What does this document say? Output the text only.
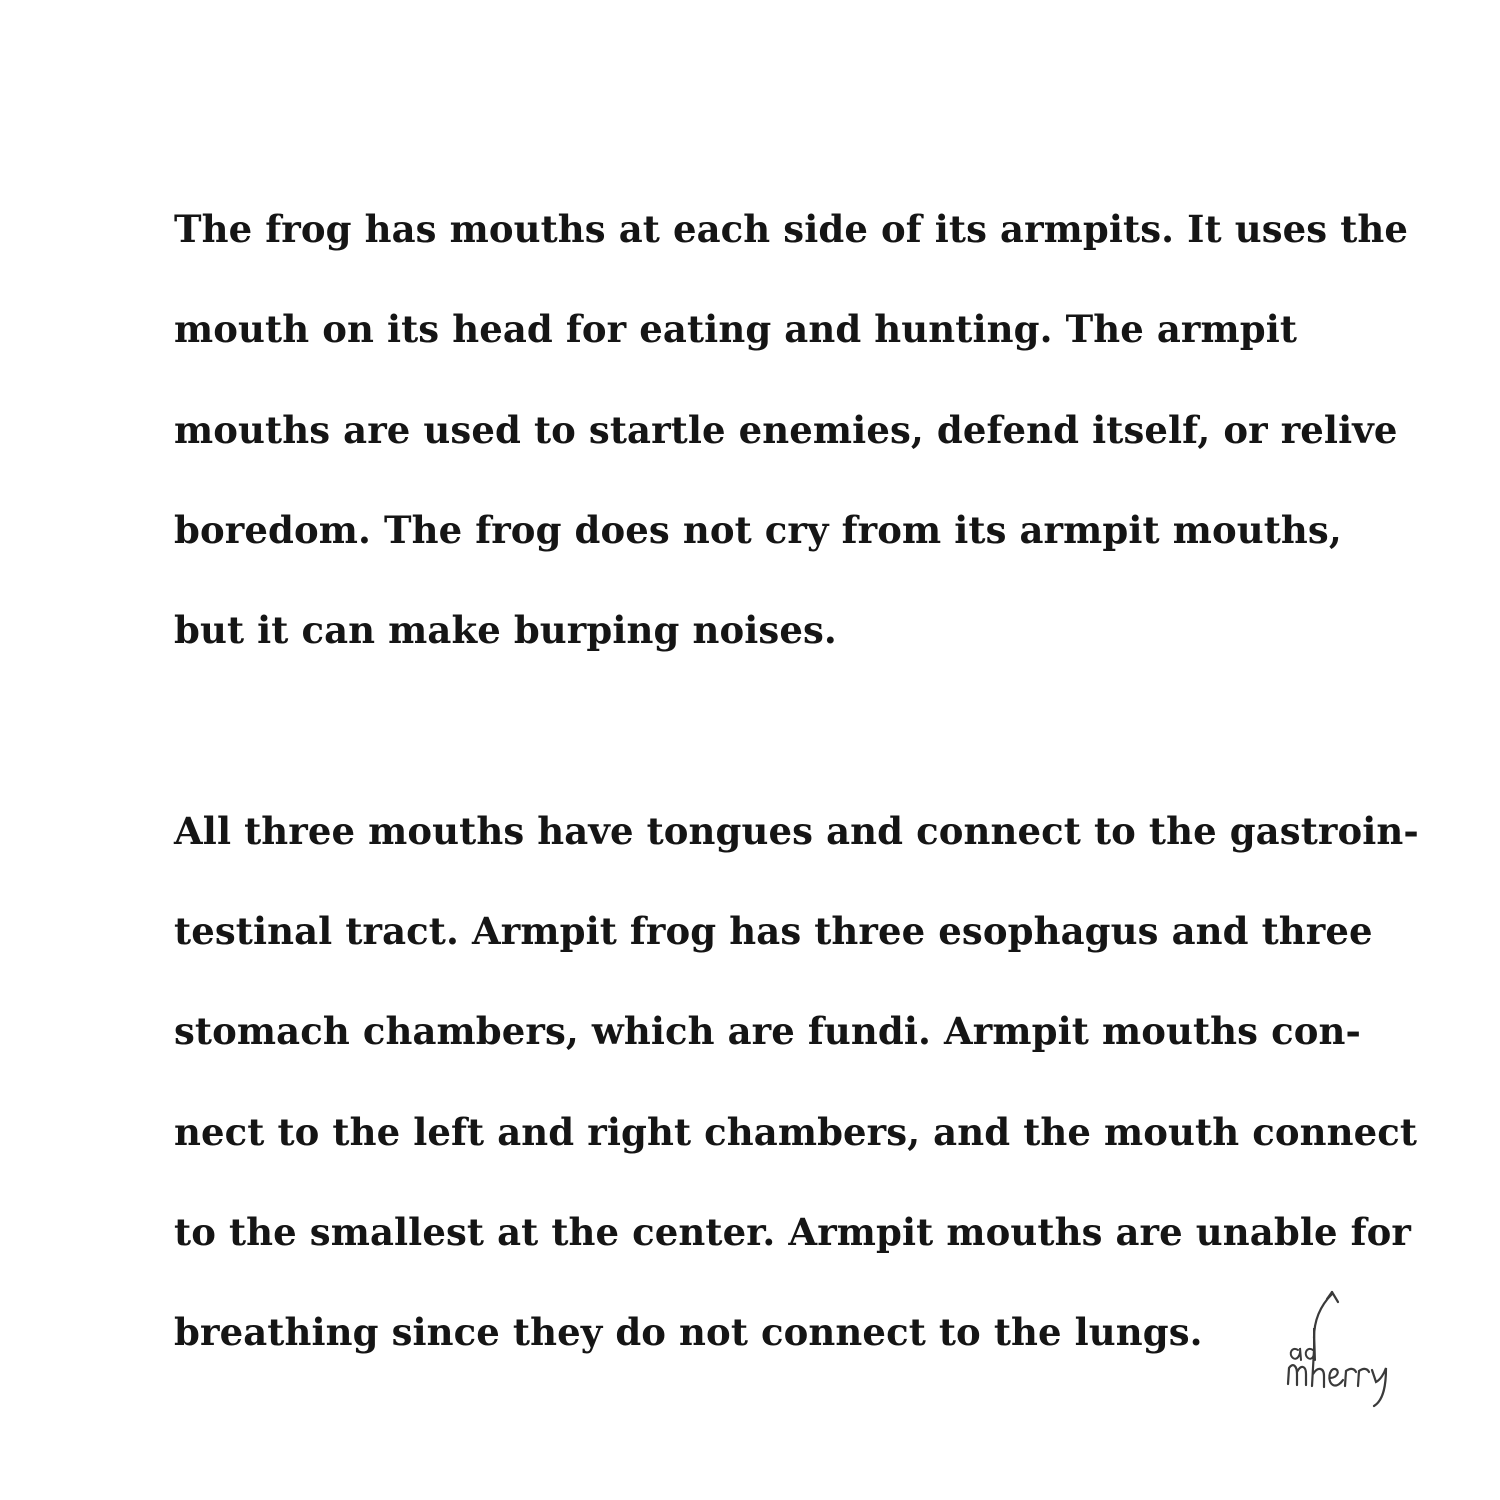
The frog has mouths at each side of its armpits. It uses the

mouth on its head for eating and hunting. The armpit

mouths are used to startle enemies, defend itself, or relive

boredom. The frog does not cry from its armpit mouths,

but it can make burping noises.

All three mouths have tongues and connect to the gastroin-

testinal tract. Armpit frog has three esophagus and three

stomach chambers, which are fundi. Armpit mouths con-

nect to the left and right chambers, and the mouth connect

to the smallest at the center. Armpit mouths are unable for

breathing since they do not connect to the lungs.
